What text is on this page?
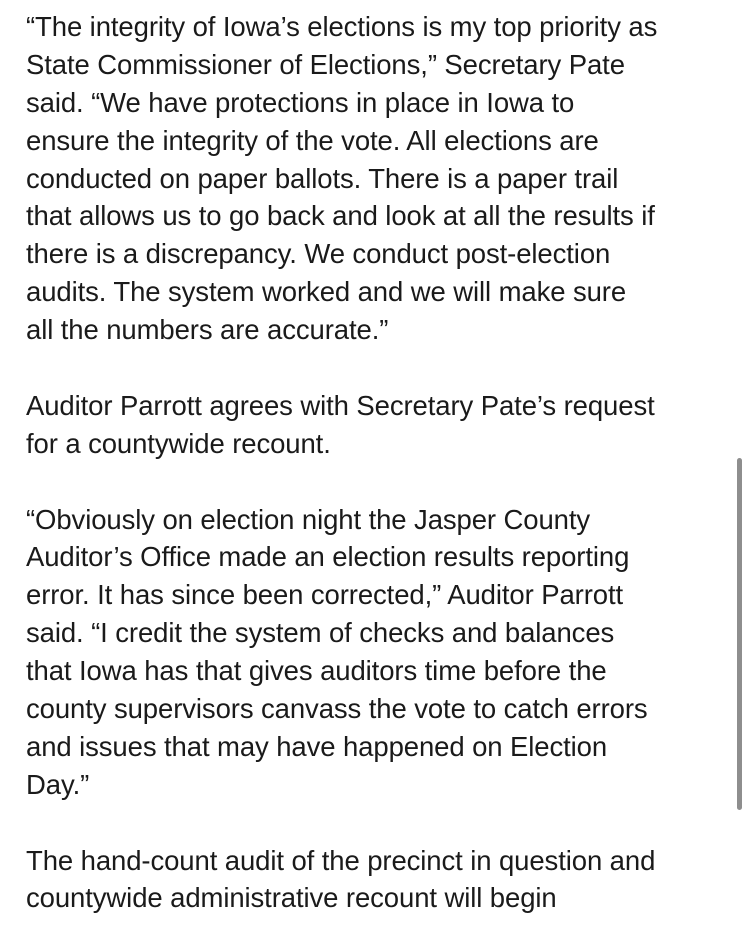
“The integrity of Iowa’s elections is my top priority as
State Commissioner of Elections,” Secretary Pate
said. “We have protections in place in Iowa to
ensure the integrity of the vote. All elections are
conducted on paper ballots. There is a paper trail
that allows us to go back and look at all the results if
there is a discrepancy. We conduct post-election
audits. The system worked and we will make sure
all the numbers are accurate.”
Auditor Parrott agrees with Secretary Pate’s request
for a countywide recount.
“Obviously on election night the Jasper County
Auditor’s Office made an election results reporting
error. It has since been corrected,” Auditor Parrott
said. “I credit the system of checks and balances
that Iowa has that gives auditors time before the
county supervisors canvass the vote to catch errors
and issues that may have happened on Election
Day.”
The hand-count audit of the precinct in question and
countywide administrative recount will begin
